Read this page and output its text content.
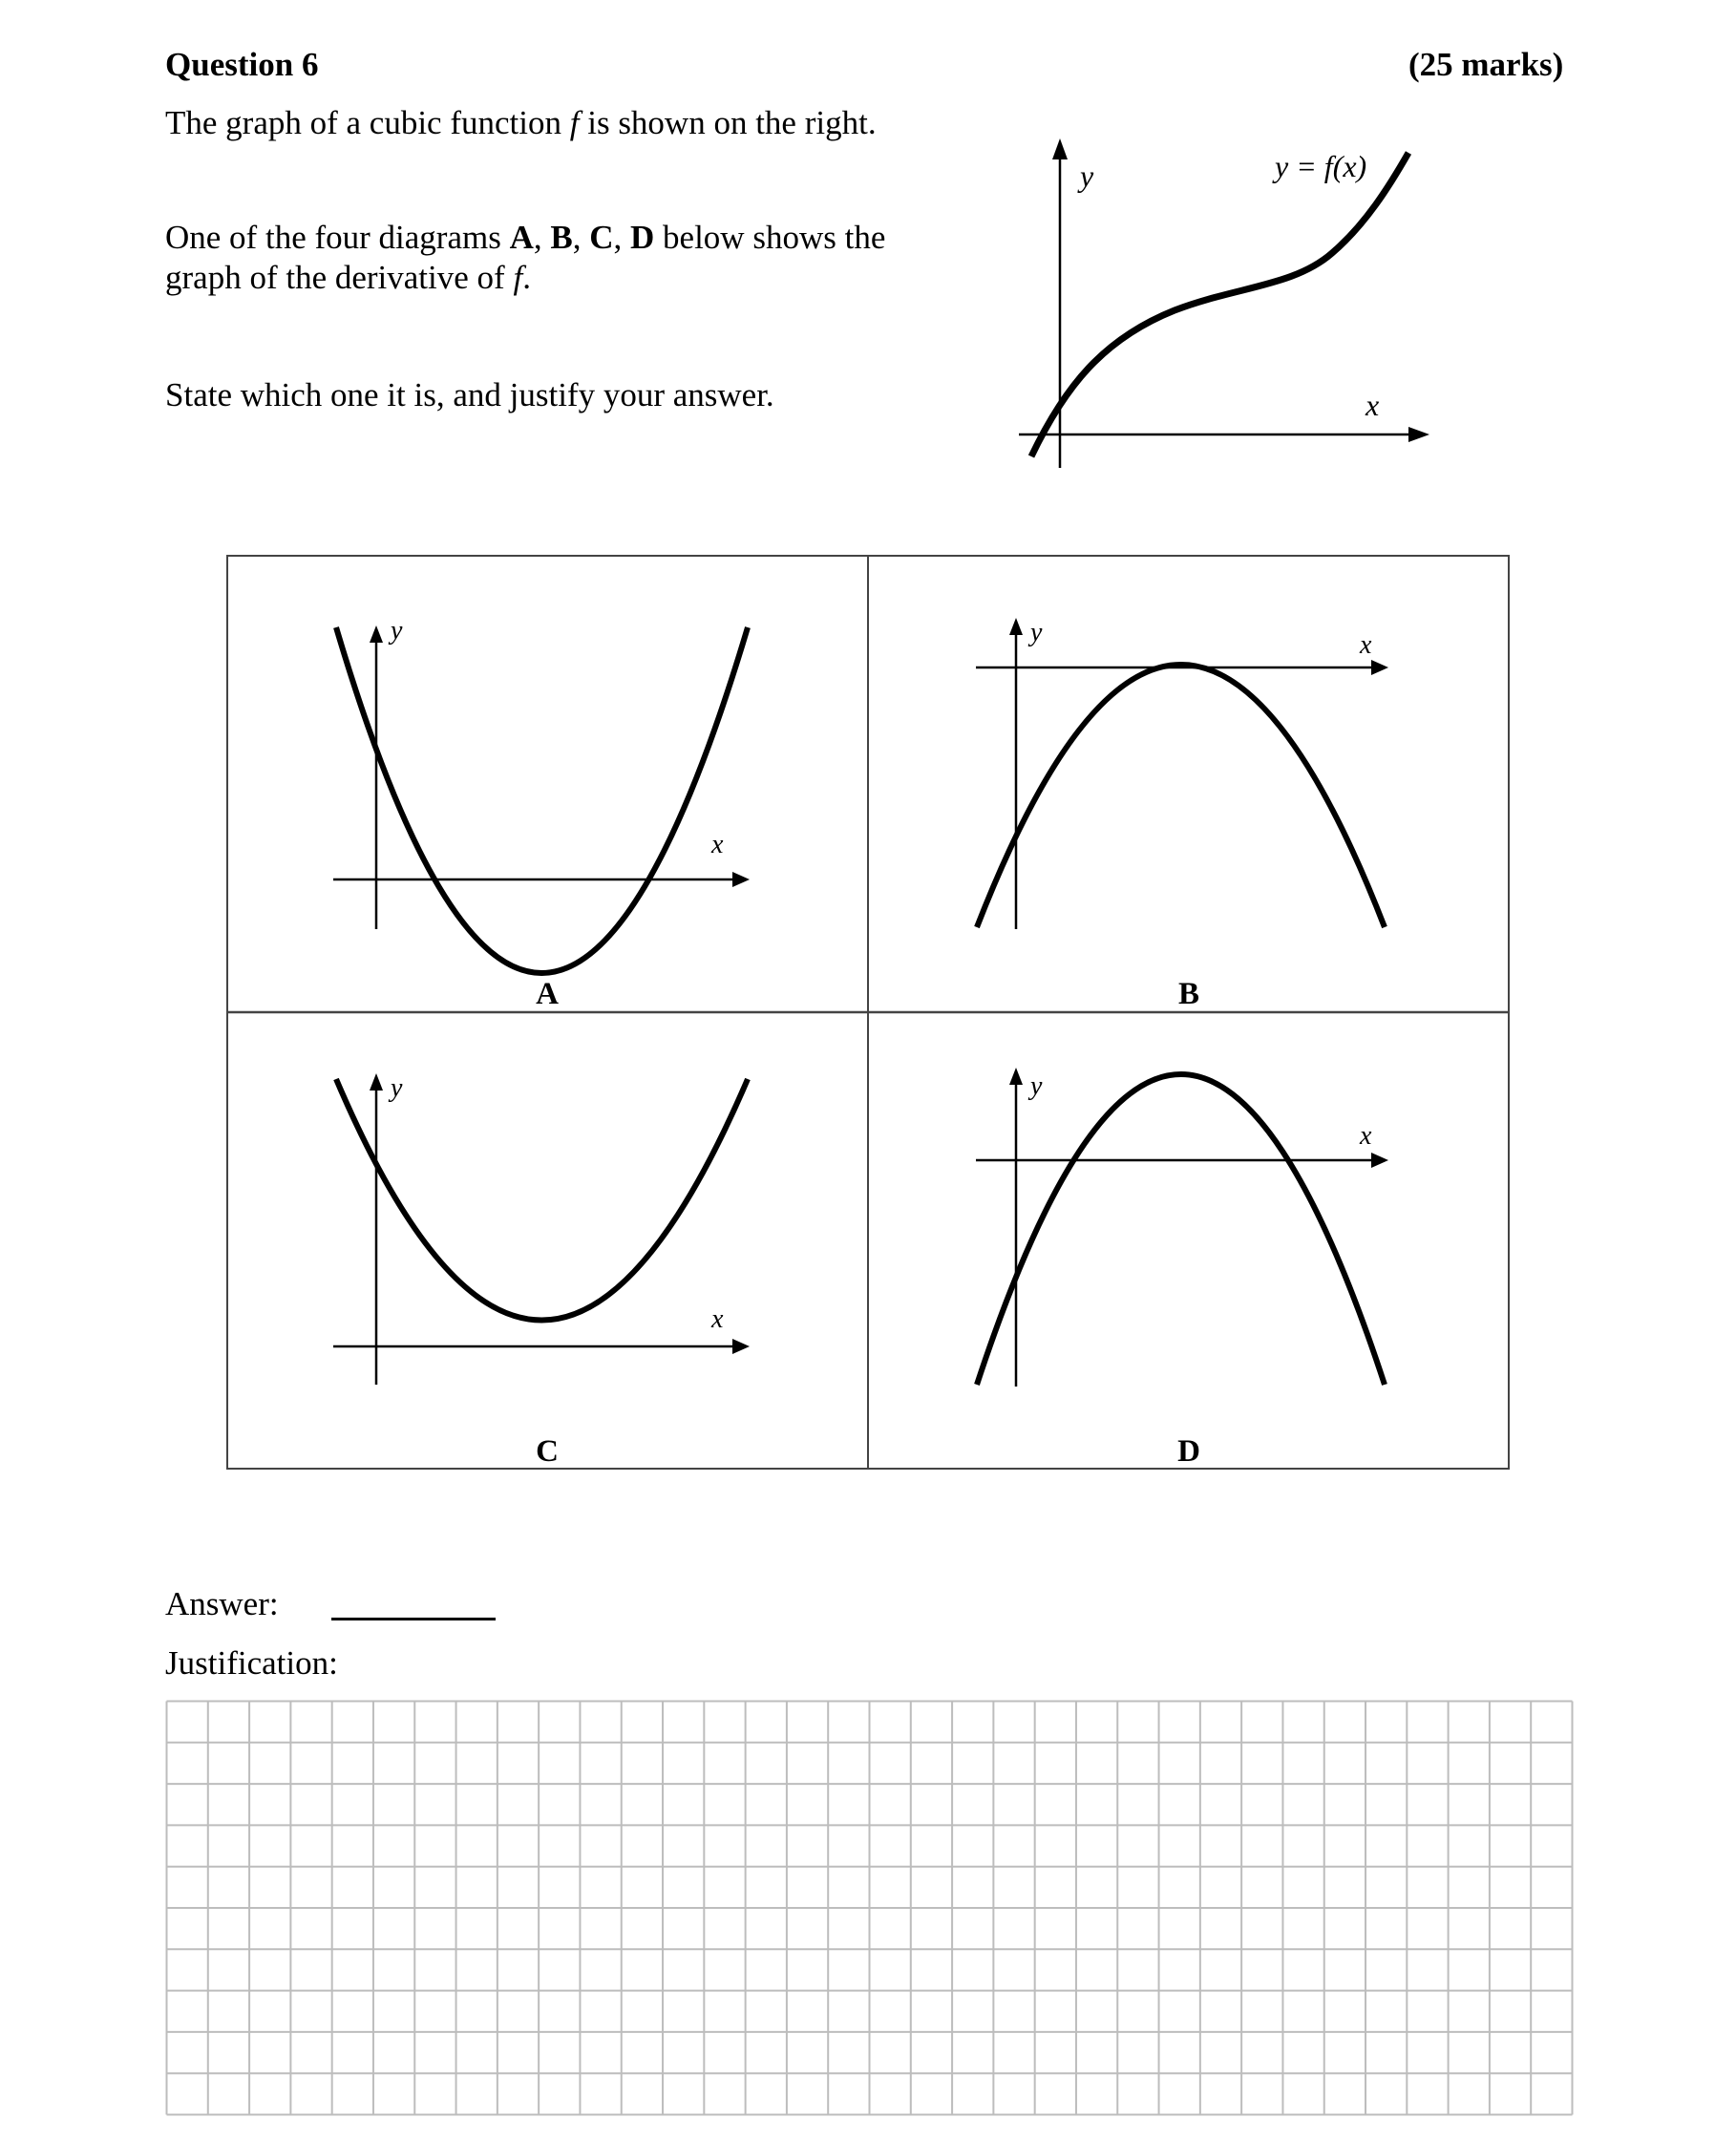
Question 6	(25 marks)
The graph of a cubic function f is shown on the right.
One of the four diagrams A, B, C, D below shows the graph of the derivative of f.
State which one it is, and justify your answer.
y
x
y = f(x)
y
x
A
y	x
B
y
x
C
y
x
D
Answer:
Justification:
